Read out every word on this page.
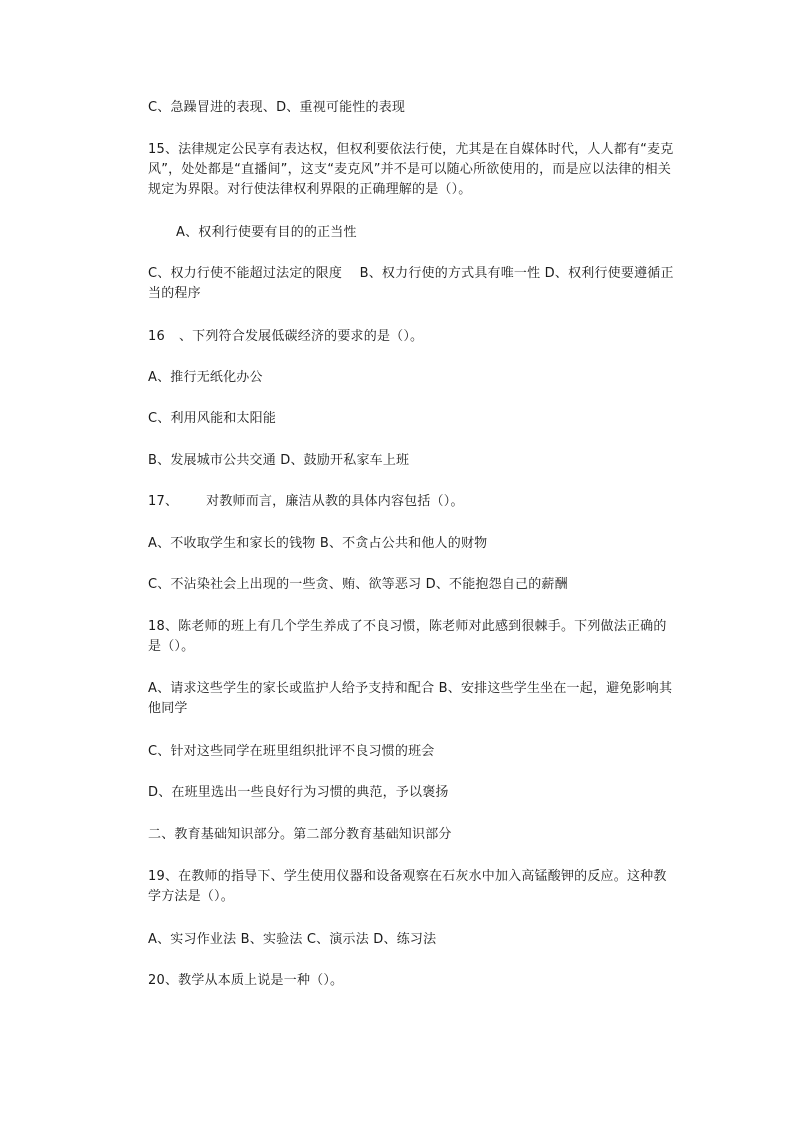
C、急躁冒进的表现、D、重视可能性的表现
15、法律规定公民享有表达权，但权利要依法行使，尤其是在自媒体时代，人人都有“麦克风”，处处都是“直播间”，这支“麦克风”并不是可以随心所欲使用的，而是应以法律的相关规定为界限。对行使法律权利界限的正确理解的是（）。
A、权利行使要有目的的正当性
C、权力行使不能超过法定的限度　 B、权力行使的方式具有唯一性 D、权利行使要遵循正当的程序
16 、下列符合发展低碳经济的要求的是（）。
A、推行无纸化办公
C、利用风能和太阳能
B、发展城市公共交通 D、鼓励开私家车上班
17、 对教师而言，廉洁从教的具体内容包括（）。
A、不收取学生和家长的钱物 B、不贪占公共和他人的财物
C、不沾染社会上出现的一些贪、贿、欲等恶习 D、不能抱怨自己的薪酬
18、陈老师的班上有几个学生养成了不良习惯，陈老师对此感到很棘手。下列做法正确的是（）。
A、请求这些学生的家长或监护人给予支持和配合 B、安排这些学生坐在一起，避免影响其他同学
C、针对这些同学在班里组织批评不良习惯的班会
D、在班里选出一些良好行为习惯的典范，予以褒扬
二、教育基础知识部分。第二部分教育基础知识部分
19、在教师的指导下、学生使用仪器和设备观察在石灰水中加入高锰酸钾的反应。这种教学方法是（）。
A、实习作业法 B、实验法 C、演示法 D、练习法
20、教学从本质上说是一种（）。
